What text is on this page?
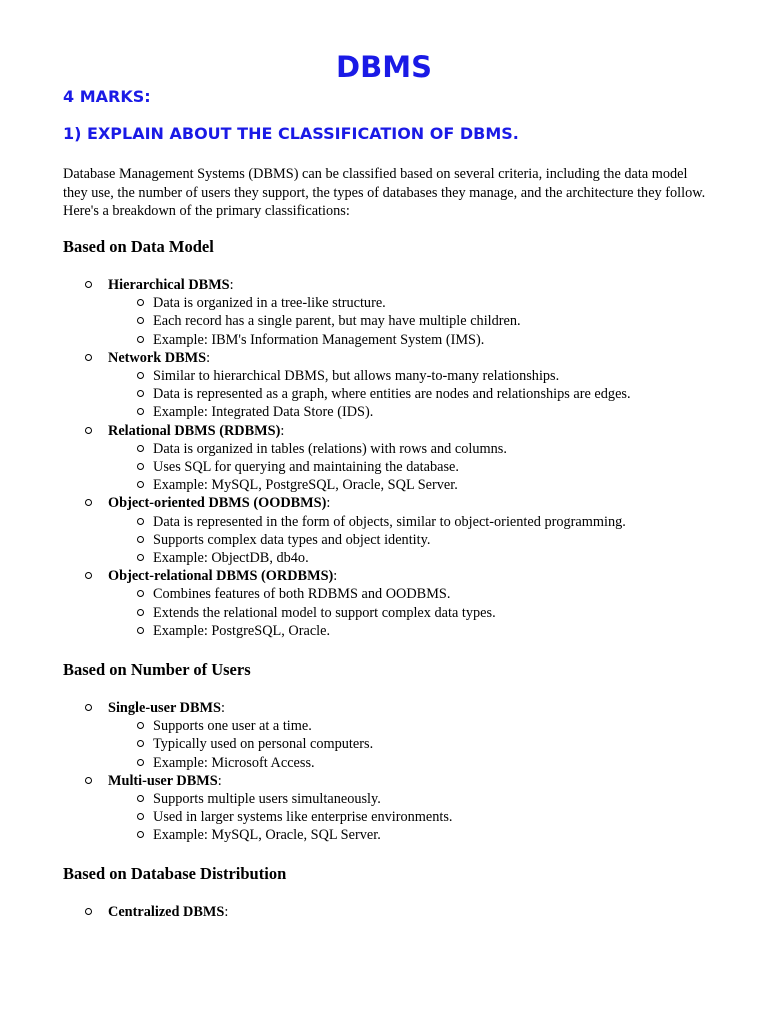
DBMS
4 MARKS:
1) EXPLAIN ABOUT THE CLASSIFICATION OF DBMS.

Database Management Systems (DBMS) can be classified based on several criteria, including the data model they use, the number of users they support, the types of databases they manage, and the architecture they follow. Here's a breakdown of the primary classifications:

Based on Data Model
Hierarchical DBMS:
Data is organized in a tree-like structure.
Each record has a single parent, but may have multiple children.
Example: IBM's Information Management System (IMS).
Network DBMS:
Similar to hierarchical DBMS, but allows many-to-many relationships.
Data is represented as a graph, where entities are nodes and relationships are edges.
Example: Integrated Data Store (IDS).
Relational DBMS (RDBMS):
Data is organized in tables (relations) with rows and columns.
Uses SQL for querying and maintaining the database.
Example: MySQL, PostgreSQL, Oracle, SQL Server.
Object-oriented DBMS (OODBMS):
Data is represented in the form of objects, similar to object-oriented programming.
Supports complex data types and object identity.
Example: ObjectDB, db4o.
Object-relational DBMS (ORDBMS):
Combines features of both RDBMS and OODBMS.
Extends the relational model to support complex data types.
Example: PostgreSQL, Oracle.
Based on Number of Users
Single-user DBMS:
Supports one user at a time.
Typically used on personal computers.
Example: Microsoft Access.
Multi-user DBMS:
Supports multiple users simultaneously.
Used in larger systems like enterprise environments.
Example: MySQL, Oracle, SQL Server.
Based on Database Distribution
Centralized DBMS:
